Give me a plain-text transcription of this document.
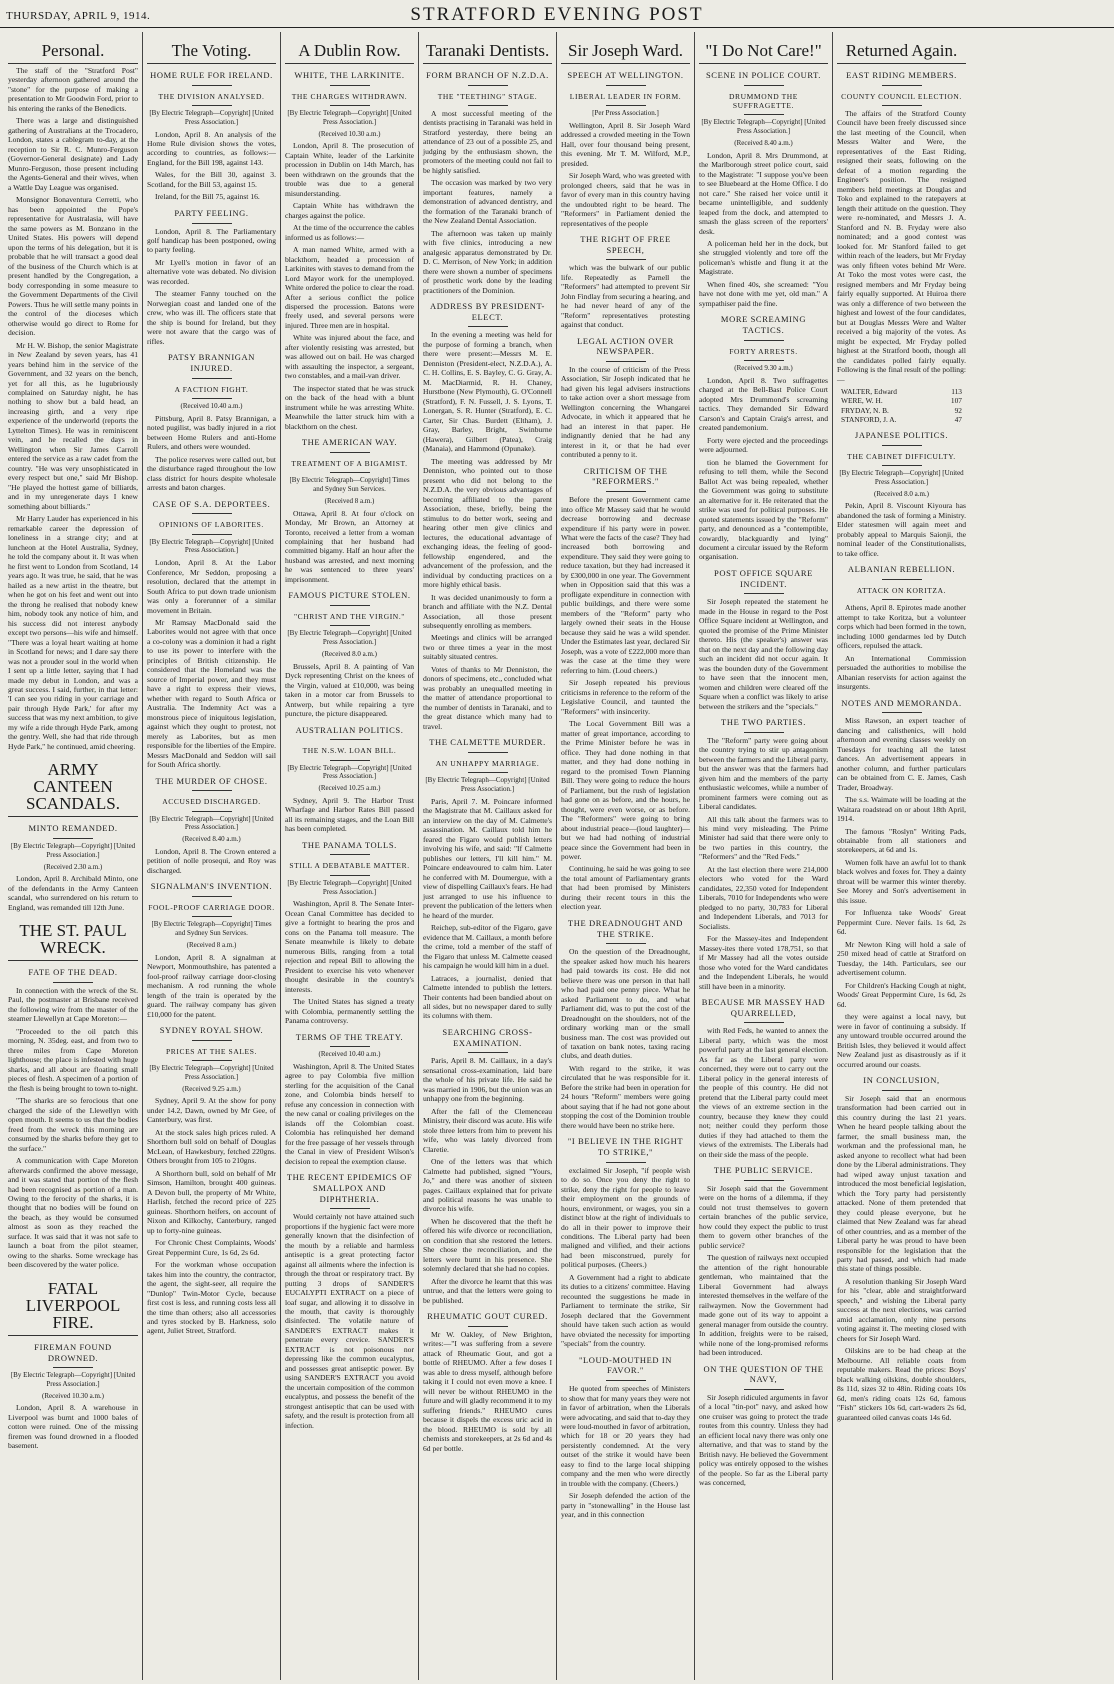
THURSDAY, APRIL 9, 1914.	STRATFORD EVENING POST
Personal.

The staff of the "Stratford Post" yesterday afternoon gathered around the "stone" for the purpose of making a presentation to Mr Goodwin Ford, prior to his entering the ranks of the Benedicts.

There was a large and distinguished gathering of Australians at the Trocadero, London, states a cablegram to-day, at the reception to Sir R. C. Munro-Ferguson (Governor-General designate) and Lady Munro-Ferguson, those present including the Agents-General and their wives, when a Wattle Day League was organised.

Monsignor Bonaventura Cerretti, who has been appointed the Pope's representative for Australasia, will have the same powers as M. Bonzano in the United States. His powers will depend upon the terms of his delegation, but it is probable that he will transact a good deal of the business of the Church which is at present handled by the Congregation, a body corresponding in some measure to the Government Departments of the Civil Powers. Thus he will settle many points in the control of the dioceses which otherwise would go direct to Rome for decision.

Mr H. W. Bishop, the senior Magistrate in New Zealand by seven years, has 41 years behind him in the service of the Government, and 32 years on the bench, yet for all this, as he lugubriously complained on Saturday night, he has nothing to show but a bald head, an increasing girth, and a very ripe experience of the underworld (reports the Lyttelton Times). He was in reminiscent vein, and he recalled the days in Wellington when Sir James Carroll entered the service as a raw cadet from the country. "He was very unsophisticated in every respect but one," said Mr Bishop. "He played the hottest game of billiards, and in my unregenerate days I knew something about billiards."

Mr Harry Lauder has experienced in his remarkable career the depression of loneliness in a strange city; and at luncheon at the Hotel Australia, Sydney, he told the company about it. It was when he first went to London from Scotland, 14 years ago. It was true, he said, that he was hailed as a new artist in the theatre, but when he got on his feet and went out into the throng he realised that nobody knew him, nobody took any notice of him, and his success did not interest anybody except two persons—his wife and himself. "There was a loyal heart waiting at home in Scotland for news; and I dare say there was not a prouder soul in the world when I sent up a little letter, saying that I had made my debut in London, and was a great success. I said, further, in that letter: 'I can see you riding in your carriage and pair through Hyde Park,' for after my success that was my next ambition, to give my wife a ride through Hyde Park, among the gentry. Well, she had that ride through Hyde Park," he continued, amid cheering.

ARMY CANTEEN SCANDALS.
MINTO REMANDED.
[By Electric Telegraph—Copyright] [United Press Association.]
(Received 2.30 a.m.)

London, April 8. Archibald Minto, one of the defendants in the Army Canteen scandal, who surrendered on his return to England, was remanded till 12th June.

THE ST. PAUL WRECK.
FATE OF THE DEAD.

In connection with the wreck of the St. Paul, the postmaster at Brisbane received the following wire from the master of the steamer Llewellyn at Cape Moreton:—

"Proceeded to the oil patch this morning, N. 35deg. east, and from two to three miles from Cape Moreton lighthouse; the place is infested with huge sharks, and all about are floating small pieces of flesh. A specimen of a portion of the flesh is being brought to town to-night.

"The sharks are so ferocious that one charged the side of the Llewellyn with open mouth. It seems to us that the bodies freed from the wreck this morning are consumed by the sharks before they get to the surface."

A communication with Cape Moreton afterwards confirmed the above message, and it was stated that portion of the flesh had been recognised as portion of a man. Owing to the ferocity of the sharks, it is thought that no bodies will be found on the beach, as they would be consumed almost as soon as they reached the surface. It was said that it was not safe to launch a boat from the pilot steamer, owing to the sharks. Some wreckage has been discovered by the water police.

FATAL LIVERPOOL FIRE.
FIREMAN FOUND DROWNED.
[By Electric Telegraph—Copyright] [United Press Association.]
(Received 10.30 a.m.)

London, April 8. A warehouse in Liverpool was burnt and 1000 bales of cotton were ruined. One of the missing firemen was found drowned in a flooded basement.

The Voting.
HOME RULE FOR IRELAND.
THE DIVISION ANALYSED.
[By Electric Telegraph—Copyright] [United Press Association.]

London, April 8. An analysis of the Home Rule division shows the votes, according to countries, as follows:— England, for the Bill 198, against 143.

Wales, for the Bill 30, against 3. Scotland, for the Bill 53, against 15.

Ireland, for the Bill 75, against 16.

PARTY FEELING.

London, April 8. The Parliamentary golf handicap has been postponed, owing to party feeling.

Mr Lyell's motion in favor of an alternative vote was debated. No division was recorded.

The steamer Fanny touched on the Norwegian coast and landed one of the crew, who was ill. The officers state that the ship is bound for Ireland, but they were not aware that the cargo was of rifles.

PATSY BRANNIGAN INJURED.
A FACTION FIGHT.
(Received 10.40 a.m.)

Pittsburg, April 8. Patsy Brannigan, a noted pugilist, was badly injured in a riot between Home Rulers and anti-Home Rulers, and others were wounded.

The police reserves were called out, but the disturbance raged throughout the low class district for hours despite wholesale arrests and baton charges.

CASE OF S.A. DEPORTEES.
OPINIONS OF LABORITES.
[By Electric Telegraph—Copyright] [United Press Association.]

London, April 8. At the Labor Conference, Mr Seddon, proposing a resolution, declared that the attempt in South Africa to put down trade unionism was only a forerunner of a similar movement in Britain.

Mr Ramsay MacDonald said the Laborites would not agree with that once a co-colony was a dominion it had a right to use its power to interfere with the principles of British citizenship. He considered that the Homeland was the source of Imperial power, and they must have a right to express their views, whether with regard to South Africa or Australia. The Indemnity Act was a monstrous piece of iniquitous legislation, against which they ought to protest, not merely as Laborites, but as men responsible for the liberties of the Empire. Messrs MacDonald and Seddon will sail for South Africa shortly.

THE MURDER OF CHOSE.
ACCUSED DISCHARGED.
[By Electric Telegraph—Copyright] [United Press Association.]
(Received 8.40 a.m.)

London, April 8. The Crown entered a petition of nolle prosequi, and Roy was discharged.

SIGNALMAN'S INVENTION.
FOOL-PROOF CARRIAGE DOOR.
[By Electric Telegraph—Copyright] Times and Sydney Sun Services.
(Received 8 a.m.)

London, April 8. A signalman at Newport, Monmouthshire, has patented a fool-proof railway carriage door-closing mechanism. A rod running the whole length of the train is operated by the guard. The railway company has given £10,000 for the patent.

SYDNEY ROYAL SHOW.
PRICES AT THE SALES.
[By Electric Telegraph—Copyright] [United Press Association.]
(Received 9.25 a.m.)

Sydney, April 9. At the show for pony under 14.2, Dawn, owned by Mr Gee, of Canterbury, was first.

At the stock sales high prices ruled. A Shorthorn bull sold on behalf of Douglas McLean, of Hawkesbury, fetched 220gns. Others brought from 105 to 210gns.

A Shorthorn bull, sold on behalf of Mr Simson, Hamilton, brought 400 guineas. A Devon bull, the property of Mr White, Harlish, fetched the record price of 225 guineas. Shorthorn heifers, on account of Nixon and Kilkochy, Canterbury, ranged up to forty-nine guineas.

For Chronic Chest Complaints, Woods' Great Peppermint Cure, 1s 6d, 2s 6d.

For the workman whose occupation takes him into the country, the contractor, the agent, the sight-seer, all require the "Dunlop" Twin-Motor Cycle, because first cost is less, and running costs less all the time than others; also all accessories and tyres stocked by B. Harkness, solo agent, Juliet Street, Stratford.

A Dublin Row.
WHITE, THE LARKINITE.
THE CHARGES WITHDRAWN.
[By Electric Telegraph—Copyright] [United Press Association.]
(Received 10.30 a.m.)

London, April 8. The prosecution of Captain White, leader of the Larkinite procession in Dublin on 14th March, has been withdrawn on the grounds that the trouble was due to a general misunderstanding.

Captain White has withdrawn the charges against the police.

At the time of the occurrence the cables informed us as follows:—

A man named White, armed with a blackthorn, headed a procession of Larkinites with staves to demand from the Lord Mayor work for the unemployed. White ordered the police to clear the road. After a serious conflict the police dispersed the procession. Batons were freely used, and several persons were injured. Three men are in hospital.

White was injured about the face, and after violently resisting was arrested, but was allowed out on bail. He was charged with assaulting the inspector, a sergeant, two constables, and a mail-van driver.

The inspector stated that he was struck on the back of the head with a blunt instrument while he was arresting White. Meanwhile the latter struck him with a blackthorn on the chest.

THE AMERICAN WAY.
TREATMENT OF A BIGAMIST.
[By Electric Telegraph—Copyright] Times and Sydney Sun Services.
(Received 8 a.m.)

Ottawa, April 8. At four o'clock on Monday, Mr Brown, an Attorney at Toronto, received a letter from a woman complaining that her husband had committed bigamy. Half an hour after the husband was arrested, and next morning he was sentenced to three years' imprisonment.

FAMOUS PICTURE STOLEN.
"CHRIST AND THE VIRGIN."
[By Electric Telegraph—Copyright] [United Press Association.]
(Received 8.0 a.m.)

Brussels, April 8. A painting of Van Dyck representing Christ on the knees of the Virgin, valued at £10,000, was being taken in a motor car from Brussels to Antwerp, but while repairing a tyre puncture, the picture disappeared.

AUSTRALIAN POLITICS.
THE N.S.W. LOAN BILL.
[By Electric Telegraph—Copyright] [United Press Association.]
(Received 10.25 a.m.)

Sydney, April 9. The Harbor Trust Wharfage and Harbor Rates Bill passed all its remaining stages, and the Loan Bill has been completed.

THE PANAMA TOLLS.
STILL A DEBATABLE MATTER.
[By Electric Telegraph—Copyright] [United Press Association.]

Washington, April 8. The Senate Inter-Ocean Canal Committee has decided to give a fortnight to hearing the pros and cons on the Panama toll measure. The Senate meanwhile is likely to debate numerous Bills, ranging from a total rejection and repeal Bill to allowing the President to exercise his veto whenever thought desirable in the country's interests.

The United States has signed a treaty with Colombia, permanently settling the Panama controversy.

TERMS OF THE TREATY.
(Received 10.40 a.m.)

Washington, April 8. The United States agree to pay Colombia five million sterling for the acquisition of the Canal zone, and Colombia binds herself to refuse any concession in connection with the new canal or coaling privileges on the islands off the Colombian coast. Colombia has relinquished her demand for the free passage of her vessels through the Canal in view of President Wilson's decision to repeal the exemption clause.

THE RECENT EPIDEMICS OF SMALLPOX AND DIPHTHERIA.

Would certainly not have attained such proportions if the hygienic fact were more generally known that the disinfection of the mouth by a reliable and harmless antiseptic is a great protecting factor against all ailments where the infection is through the throat or respiratory tract. By putting 3 drops of SANDER'S EUCALYPTI EXTRACT on a piece of loaf sugar, and allowing it to dissolve in the mouth, that cavity is thoroughly disinfected. The volatile nature of SANDER'S EXTRACT makes it penetrate every crevice. SANDER'S EXTRACT is not poisonous nor depressing like the common eucalyptus, and possesses great antiseptic power. By using SANDER'S EXTRACT you avoid the uncertain composition of the common eucalyptus, and possess the benefit of the strongest antiseptic that can be used with safety, and the result is protection from all infection.

Taranaki Dentists.
FORM BRANCH OF N.Z.D.A.
THE "TEETHING" STAGE.

A most successful meeting of the dentists practising in Taranaki was held in Stratford yesterday, there being an attendance of 23 out of a possible 25, and judging by the enthusiasm shown, the promoters of the meeting could not fail to be highly satisfied.

The occasion was marked by two very important features, namely a demonstration of advanced dentistry, and the formation of the Taranaki branch of the New Zealand Dental Association.

The afternoon was taken up mainly with five clinics, introducing a new analgesic apparatus demonstrated by Dr. D. C. Merrison, of New York; in addition there were shown a number of specimens of prosthetic work done by the leading practitioners of the Dominion.

ADDRESS BY PRESIDENT-ELECT.

In the evening a meeting was held for the purpose of forming a branch, when there were present:—Messrs M. E. Denniston (President-elect, N.Z.D.A.), A. C. H. Collins, E. S. Bayley, C. G. Gray, A. M. MacDiarmid, R. H. Chaney, Hurstbone (New Plymouth), G. O'Connell (Stratford), F. N. Fussell, J. S. Lyons, T. Lonergan, S. R. Hunter (Stratford), E. C. Carter, Sir Chas. Burdett (Eltham), J. Gray, Barley, Bright, Swinburne (Hawera), Gilbert (Patea), Craig (Manaia), and Hammond (Opunake).

The meeting was addressed by Mr Denniston, who pointed out to those present who did not belong to the N.Z.D.A. the very obvious advantages of becoming affiliated to the parent Association, these, briefly, being the stimulus to do better work, seeing and hearing other men give clinics and lectures, the educational advantage of exchanging ideas, the feeling of good-fellowship engendered, and the advancement of the profession, and the individual by conducting practices on a more highly ethical basis.

It was decided unanimously to form a branch and affiliate with the N.Z. Dental Association, all those present subsequently enrolling as members.

Meetings and clinics will be arranged two or three times a year in the most suitably situated centres.

Votes of thanks to Mr Denniston, the donors of specimens, etc., concluded what was probably an unequalled meeting in the matter of attendance proportional to the number of dentists in Taranaki, and to the great distance which many had to travel.

THE CALMETTE MURDER.
AN UNHAPPY MARRIAGE.
[By Electric Telegraph—Copyright] [United Press Association.]

Paris, April 7. M. Poincare informed the Magistrate that M. Caillaux asked for an interview on the day of M. Calmette's assassination. M. Caillaux told him he feared the Figaro would publish letters involving his wife, and said: "If Calmette publishes our letters, I'll kill him." M. Poincare endeavoured to calm him. Later he conferred with M. Doumergue, with a view of dispelling Caillaux's fears. He had just arranged to use his influence to prevent the publication of the letters when he heard of the murder.

Reichep, sub-editor of the Figaro, gave evidence that M. Caillaux, a month before the crime, told a member of the staff of the Figaro that unless M. Calmette ceased his campaign he would kill him in a duel.

Latraces, a journalist, denied that Calmette intended to publish the letters. Their contents had been bandied about on all sides, but no newspaper dared to sully its columns with them.

SEARCHING CROSS-EXAMINATION.

Paris, April 8. M. Caillaux, in a day's sensational cross-examination, laid bare the whole of his private life. He said he was married in 1906, but the union was an unhappy one from the beginning.

After the fall of the Clemenceau Ministry, their discord was acute. His wife stole three letters from him to prevent his wife, who was lately divorced from Claretie.

One of the letters was that which Calmette had published, signed "Yours, Jo," and there was another of sixteen pages. Caillaux explained that for private and political reasons he was unable to divorce his wife.

When he discovered that the theft he offered his wife divorce or reconciliation, on condition that she restored the letters. She chose the reconciliation, and the letters were burnt in his presence. She solemnly declared that she had no copies.

After the divorce he learnt that this was untrue, and that the letters were going to be published.

RHEUMATIC GOUT CURED.

Mr W. Oakley, of New Brighton, writes:—"I was suffering from a severe attack of Rheumatic Gout, and got a bottle of RHEUMO. After a few doses I was able to dress myself, although before taking it I could not even move a knee. I will never be without RHEUMO in the future and will gladly recommend it to my suffering friends." RHEUMO cures because it dispels the excess uric acid in the blood. RHEUMO is sold by all chemists and storekeepers, at 2s 6d and 4s 6d per bottle.

Sir Joseph Ward.
SPEECH AT WELLINGTON.
LIBERAL LEADER IN FORM.
[Per Press Association.]

Wellington, April 8. Sir Joseph Ward addressed a crowded meeting in the Town Hall, over four thousand being present, this evening. Mr T. M. Wilford, M.P., presided.

Sir Joseph Ward, who was greeted with prolonged cheers, said that he was in favor of every man in this country having the undoubted right to be heard. The "Reformers" in Parliament denied the representatives of the people

THE RIGHT OF FREE SPEECH,

which was the bulwark of our public life. Repeatedly as Parnell the "Reformers" had attempted to prevent Sir John Findlay from securing a hearing, and he had never heard of any of the "Reform" representatives protesting against that conduct.

LEGAL ACTION OVER NEWSPAPER.

In the course of criticism of the Press Association, Sir Joseph indicated that he had given his legal advisers instructions to take action over a short message from Wellington concerning the Whangarei Advocate, in which it appeared that he had an interest in that paper. He indignantly denied that he had any interest in it, or that he had ever contributed a penny to it.

CRITICISM OF THE "REFORMERS."

Before the present Government came into office Mr Massey said that he would decrease borrowing and decrease expenditure if his party were in power. What were the facts of the case? They had increased both borrowing and expenditure. They said they were going to reduce taxation, but they had increased it by £300,000 in one year. The Government when in Opposition said that this was a profligate expenditure in connection with public buildings, and there were some members of the "Reform" party who largely owned their seats in the House because they said he was a wild spender. Under the Estimates last year, declared Sir Joseph, was a vote of £222,000 more than was the case at the time they were referring to him. (Loud cheers.)

Sir Joseph repeated his previous criticisms in reference to the reform of the Legislative Council, and taunted the "Reformers" with insincerity.

The Local Government Bill was a matter of great importance, according to the Prime Minister before he was in office. They had done nothing in that matter, and they had done nothing in regard to the promised Town Planning Bill. They were going to reduce the hours of Parliament, but the rush of legislation had gone on as before, and the hours, he thought, were even worse, or as before. The "Reformers" were going to bring about industrial peace—(loud laughter)—but we had had nothing of industrial peace since the Government had been in power.

Continuing, he said he was going to see the total amount of Parliamentary grants that had been promised by Ministers during their recent tours in this the election year.

THE DREADNOUGHT AND THE STRIKE.

On the question of the Dreadnought, the speaker asked how much his hearers had paid towards its cost. He did not believe there was one person in that hall who had paid one penny piece. What he asked Parliament to do, and what Parliament did, was to put the cost of the Dreadnought on the shoulders, not of the ordinary working man or the small business man. The cost was provided out of taxation on bank notes, taxing racing clubs, and death duties.

With regard to the strike, it was circulated that he was responsible for it. Before the strike had been in operation for 24 hours "Reform" members were going about saying that if he had not gone about stopping the cost of the Dominion trouble there would have been no strike here.

"I BELIEVE IN THE RIGHT TO STRIKE,"

exclaimed Sir Joseph, "if people wish to do so. Once you deny the right to strike, deny the right for people to leave their employment on the grounds of hours, environment, or wages, you sin a distinct blow at the right of individuals to do all in their power to improve their conditions. The Liberal party had been maligned and vilified, and their actions had been misconstrued, purely for political purposes. (Cheers.)

A Government had a right to abdicate its duties to a citizens' committee. Having recounted the suggestions he made in Parliament to terminate the strike, Sir Joseph declared that the Government should have taken such action as would have obviated the necessity for importing "specials" from the country.

"LOUD-MOUTHED IN FAVOR."

He quoted from speeches of Ministers to show that for many years they were not in favor of arbitration, when the Liberals were advocating, and said that to-day they were loud-mouthed in favor of arbitration, which for 18 or 20 years they had persistently condemned. At the very outset of the strike it would have been easy to find to the large local shipping company and the men who were directly in trouble with the company. (Cheers.)

Sir Joseph defended the action of the party in "stonewalling" in the House last year, and in this connection

"I Do Not Care!"
SCENE IN POLICE COURT.
DRUMMOND THE SUFFRAGETTE.
[By Electric Telegraph—Copyright] [United Press Association.]
(Received 8.40 a.m.)

London, April 8. Mrs Drummond, at the Marlborough street police court, said to the Magistrate: "I suppose you've been to see Bluebeard at the Home Office. I do not care." She raised her voice until it became unintelligible, and suddenly leaped from the dock, and attempted to smash the glass screen of the reporters' desk.

A policeman held her in the dock, but she struggled violently and tore off the policeman's whistle and flung it at the Magistrate.

When fined 40s, she screamed: "You have not done with me yet, old man." A sympathiser paid the fine.

MORE SCREAMING TACTICS.
FORTY ARRESTS.
(Received 9.30 a.m.)

London, April 8. Two suffragettes charged at the Bell-Bast Police Court adopted Mrs Drummond's screaming tactics. They demanded Sir Edward Carson's and Captain Craig's arrest, and created pandemonium.

Forty were ejected and the proceedings were adjourned.

tion he blamed the Government for refusing to tell them, while the Second Ballot Act was being repealed, whether the Government was going to substitute an alternative for it. He reiterated that the strike was used for political purposes. He quoted statements issued by the "Reform" party, and denounced as a "contemptible, cowardly, blackguardly and lying" document a circular issued by the Reform organisation.

POST OFFICE SQUARE INCIDENT.

Sir Joseph repeated the statement he made in the House in regard to the Post Office Square incident at Wellington, and quoted the promise of the Prime Minister thereto. His (the speaker's) answer was that on the next day and the following day such an incident did not occur again. It was the bounden duty of the Government to have seen that the innocent men, women and children were cleared off the Square when a conflict was likely to arise between the strikers and the "specials."

THE TWO PARTIES.

The "Reform" party were going about the country trying to stir up antagonism between the farmers and the Liberal party, but the answer was that the farmers had given him and the members of the party enthusiastic welcomes, while a number of prominent farmers were coming out as Liberal candidates.

All this talk about the farmers was to his mind very misleading. The Prime Minister had said that there were only to be two parties in this country, the "Reformers" and the "Red Feds."

At the last election there were 214,000 electors who voted for the Ward candidates, 22,350 voted for Independent Liberals, 7010 for Independents who were pledged to no party, 30,783 for Liberal and Independent Liberals, and 7013 for Socialists.

For the Massey-ites and Independent Massey-ites there voted 178,751, so that if Mr Massey had all the votes outside those who voted for the Ward candidates and the Independent Liberals, he would still have been in a minority.

BECAUSE MR MASSEY HAD QUARRELLED,

with Red Feds, he wanted to annex the Liberal party, which was the most powerful party at the last general election. As far as the Liberal party were concerned, they were out to carry out the Liberal policy in the general interests of the people of this country. He did not pretend that the Liberal party could meet the views of an extreme section in the country, because they knew they could not; neither could they perform those duties if they had attached to them the views of the extremists. The Liberals had on their side the mass of the people.

THE PUBLIC SERVICE.

Sir Joseph said that the Government were on the horns of a dilemma, if they could not trust themselves to govern certain branches of the public service, how could they expect the public to trust them to govern other branches of the public service?

The question of railways next occupied the attention of the right honourable gentleman, who maintained that the Liberal Government had always interested themselves in the welfare of the railwaymen. Now the Government had made gone out of its way to appoint a general manager from outside the country. In addition, freights were to be raised, while none of the long-promised reforms had been introduced.

ON THE QUESTION OF THE NAVY,

Sir Joseph ridiculed arguments in favor of a local "tin-pot" navy, and asked how one cruiser was going to protect the trade routes from this country. Unless they had an efficient local navy there was only one alternative, and that was to stand by the British navy. He believed the Government policy was entirely opposed to the wishes of the people. So far as the Liberal party was concerned,

Returned Again.
EAST RIDING MEMBERS.
COUNTY COUNCIL ELECTION.

The affairs of the Stratford County Council have been freely discussed since the last meeting of the Council, when Messrs Walter and Were, the representatives of the East Riding, resigned their seats, following on the defeat of a motion regarding the Engineer's position. The resigned members held meetings at Douglas and Toko and explained to the ratepayers at length their attitude on the question. They were re-nominated, and Messrs J. A. Stanford and N. B. Fryday were also nominated; and a good contest was looked for. Mr Stanford failed to get within reach of the leaders, but Mr Fryday was only fifteen votes behind Mr Were. At Toko the most votes were cast, the resigned members and Mr Fryday being fairly equally supported. At Huiroa there was only a difference of two between the highest and lowest of the four candidates, but at Douglas Messrs Were and Walter received a big majority of the votes. As might be expected, Mr Fryday polled highest at the Stratford booth, though all the candidates polled fairly equally. Following is the final result of the polling:—

WALTER, Edward	113
WERE, W. H.	107
FRYDAY, N. B.	92
STANFORD, J. A.	47
JAPANESE POLITICS.
THE CABINET DIFFICULTY.
[By Electric Telegraph—Copyright] [United Press Association.]
(Received 8.0 a.m.)

Pekin, April 8. Viscount Kiyoura has abandoned the task of forming a Ministry. Elder statesmen will again meet and probably appeal to Marquis Saionji, the nominal leader of the Constitutionalists, to take office.

ALBANIAN REBELLION.
ATTACK ON KORITZA.

Athens, April 8. Epirotes made another attempt to take Koritza, but a volunteer corps which had been formed in the town, including 1000 gendarmes led by Dutch officers, repulsed the attack.

An International Commission persuaded the authorities to mobilise the Albanian reservists for action against the insurgents.

NOTES AND MEMORANDA.

Miss Rawson, an expert teacher of dancing and calisthenics, will hold afternoon and evening classes weekly on Tuesdays for teaching all the latest dances. An advertisement appears in another column, and further particulars can be obtained from C. E. James, Cash Trader, Broadway.

The s.s. Waimate will be loading at the Waitara roadstead on or about 18th April, 1914.

The famous "Roslyn" Writing Pads, obtainable from all stationers and storekeepers, at 6d and 1s.

Women folk have an awful lot to thank black wolves and foxes for. They a dainty throat will be warmer this winter thereby. See Morey and Son's advertisement in this issue.

For Influenza take Woods' Great Peppermint Cure. Never fails. 1s 6d, 2s 6d.

Mr Newton King will hold a sale of 250 mixed head of cattle at Stratford on Tuesday, the 14th. Particulars, see our advertisement column.

For Children's Hacking Cough at night, Woods' Great Peppermint Cure, 1s 6d, 2s 6d.

they were against a local navy, but were in favor of continuing a subsidy. If any untoward trouble occurred around the British Isles, they believed it would affect New Zealand just as disastrously as if it occurred around our coasts.

IN CONCLUSION,

Sir Joseph said that an enormous transformation had been carried out in this country during the last 21 years. When he heard people talking about the farmer, the small business man, the workman and the professional man, he asked anyone to recollect what had been done by the Liberal administrations. They had wiped away unjust taxation and introduced the most beneficial legislation, which the Tory party had persistently attacked. None of them pretended that they could please everyone, but he claimed that New Zealand was far ahead of other countries, and as a member of the Liberal party he was proud to have been responsible for the legislation that the party had passed, and which had made this state of things possible.

A resolution thanking Sir Joseph Ward for his "clear, able and straightforward speech," and wishing the Liberal party success at the next elections, was carried amid acclamation, only nine persons voting against it. The meeting closed with cheers for Sir Joseph Ward.

Oilskins are to be had cheap at the Melbourne. All reliable coats from reputable makers. Read the prices: Boys' black walking oilskins, double shoulders, 8s 11d, sizes 32 to 48in. Riding coats 10s 6d, men's riding coats 12s 6d, famous "Fish" stickers 10s 6d, cart-waders 2s 6d, guaranteed oiled canvas coats 14s 6d.
